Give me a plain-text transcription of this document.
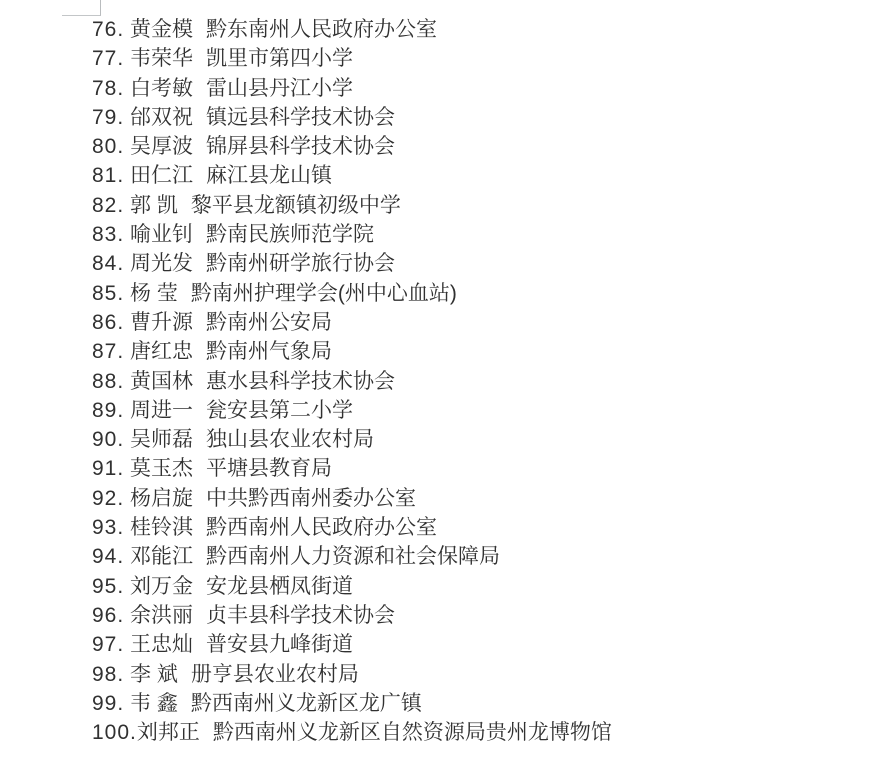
76. 黄金模 黔东南州人民政府办公室
77. 韦荣华 凯里市第四小学
78. 白考敏 雷山县丹江小学
79. 邰双祝 镇远县科学技术协会
80. 吴厚波 锦屏县科学技术协会
81. 田仁江 麻江县龙山镇
82. 郭 凯 黎平县龙额镇初级中学
83. 喻业钊 黔南民族师范学院
84. 周光发 黔南州研学旅行协会
85. 杨 莹 黔南州护理学会(州中心血站)
86. 曹升源 黔南州公安局
87. 唐红忠 黔南州气象局
88. 黄国林 惠水县科学技术协会
89. 周进一 瓮安县第二小学
90. 吴师磊 独山县农业农村局
91. 莫玉杰 平塘县教育局
92. 杨启旋 中共黔西南州委办公室
93. 桂铃淇 黔西南州人民政府办公室
94. 邓能江 黔西南州人力资源和社会保障局
95. 刘万金 安龙县栖凤街道
96. 余洪丽 贞丰县科学技术协会
97. 王忠灿 普安县九峰街道
98. 李 斌 册亨县农业农村局
99. 韦 鑫 黔西南州义龙新区龙广镇
100.刘邦正 黔西南州义龙新区自然资源局贵州龙博物馆
